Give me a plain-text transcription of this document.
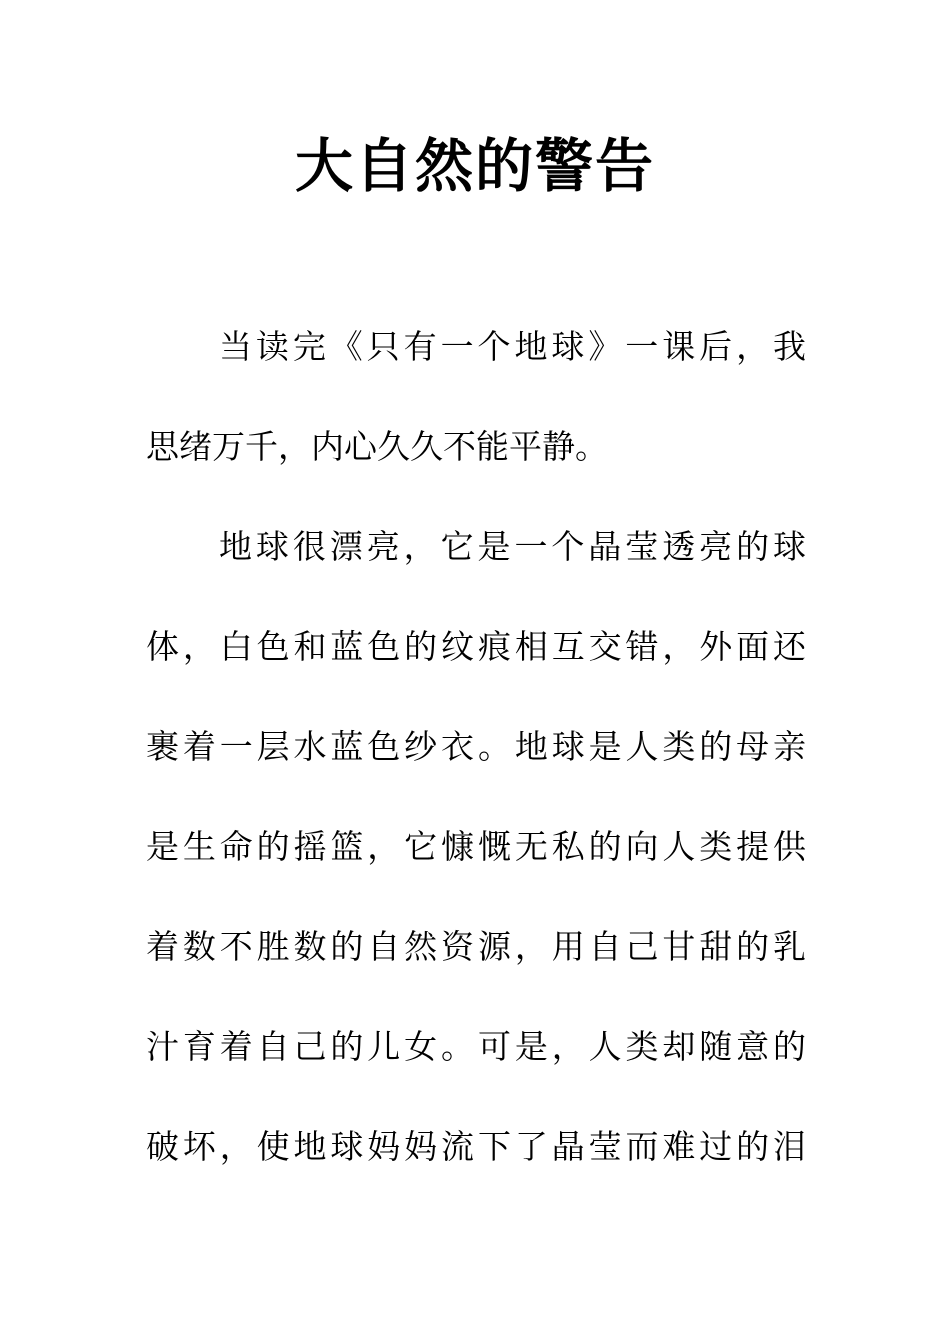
大自然的警告
当读完《只有一个地球》一课后，我
思绪万千，内心久久不能平静。
地球很漂亮，它是一个晶莹透亮的球
体，白色和蓝色的纹痕相互交错，外面还
裹着一层水蓝色纱衣。地球是人类的母亲
是生命的摇篮，它慷慨无私的向人类提供
着数不胜数的自然资源，用自己甘甜的乳
汁育着自己的儿女。可是，人类却随意的
破坏，使地球妈妈流下了晶莹而难过的泪
